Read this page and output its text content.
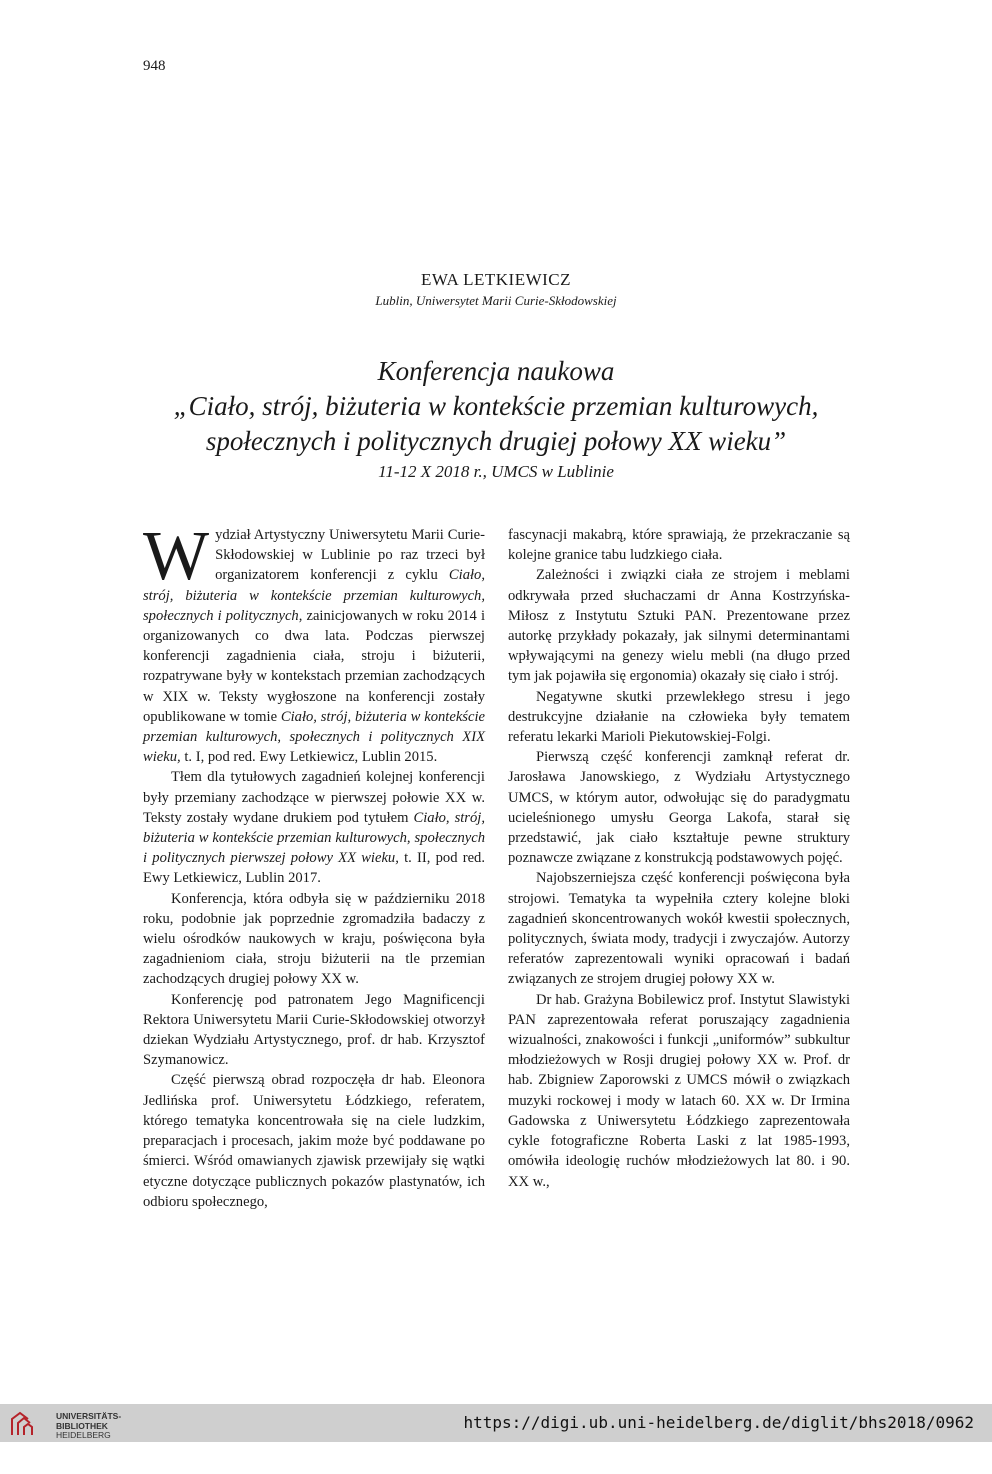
948
EWA LETKIEWICZ
Lublin, Uniwersytet Marii Curie-Skłodowskiej
Konferencja naukowa
„Ciało, strój, biżuteria w kontekście przemian kulturowych,
społecznych i politycznych drugiej połowy XX wieku”
11-12 X 2018 r., UMCS w Lublinie

Wydział Artystyczny Uniwersytetu Marii Curie-Skłodowskiej w Lublinie po raz trzeci był organizatorem konferencji z cyklu Ciało, strój, biżuteria w kontekście przemian kulturowych, społecznych i politycznych, zainicjowanych w roku 2014 i organizowanych co dwa lata. Podczas pierwszej konferencji zagadnienia ciała, stroju i biżuterii, rozpatrywane były w kontekstach przemian zachodzących w XIX w. Teksty wygłoszone na konferencji zostały opublikowane w tomie Ciało, strój, biżuteria w kontekście przemian kulturowych, społecznych i politycznych XIX wieku, t. I, pod red. Ewy Letkiewicz, Lublin 2015.

Tłem dla tytułowych zagadnień kolejnej konferencji były przemiany zachodzące w pierwszej połowie XX w. Teksty zostały wydane drukiem pod tytułem Ciało, strój, biżuteria w kontekście przemian kulturowych, społecznych i politycznych pierwszej połowy XX wieku, t. II, pod red. Ewy Letkiewicz, Lublin 2017.

Konferencja, która odbyła się w październiku 2018 roku, podobnie jak poprzednie zgromadziła badaczy z wielu ośrodków naukowych w kraju, poświęcona była zagadnieniom ciała, stroju biżuterii na tle przemian zachodzących drugiej połowy XX w.

Konferencję pod patronatem Jego Magnificencji Rektora Uniwersytetu Marii Curie-Skłodowskiej otworzył dziekan Wydziału Artystycznego, prof. dr hab. Krzysztof Szymanowicz.

Część pierwszą obrad rozpoczęła dr hab. Eleonora Jedlińska prof. Uniwersytetu Łódzkiego, referatem, którego tematyka koncentrowała się na ciele ludzkim, preparacjach i procesach, jakim może być poddawane po śmierci. Wśród omawianych zjawisk przewijały się wątki etyczne dotyczące publicznych pokazów plastynatów, ich odbioru społecznego,

fascynacji makabrą, które sprawiają, że przekraczanie są kolejne granice tabu ludzkiego ciała.

Zależności i związki ciała ze strojem i meblami odkrywała przed słuchaczami dr Anna Kostrzyńska-Miłosz z Instytutu Sztuki PAN. Prezentowane przez autorkę przykłady pokazały, jak silnymi determinantami wpływającymi na genezy wielu mebli (na długo przed tym jak pojawiła się ergonomia) okazały się ciało i strój.

Negatywne skutki przewlekłego stresu i jego destrukcyjne działanie na człowieka były tematem referatu lekarki Marioli Piekutowskiej-Folgi.

Pierwszą część konferencji zamknął referat dr. Jarosława Janowskiego, z Wydziału Artystycznego UMCS, w którym autor, odwołując się do paradygmatu ucieleśnionego umysłu Georga Lakofa, starał się przedstawić, jak ciało kształtuje pewne struktury poznawcze związane z konstrukcją podstawowych pojęć.

Najobszerniejsza część konferencji poświęcona była strojowi. Tematyka ta wypełniła cztery kolejne bloki zagadnień skoncentrowanych wokół kwestii społecznych, politycznych, świata mody, tradycji i zwyczajów. Autorzy referatów zaprezentowali wyniki opracowań i badań związanych ze strojem drugiej połowy XX w.

Dr hab. Grażyna Bobilewicz prof. Instytut Slawistyki PAN zaprezentowała referat poruszający zagadnienia wizualności, znakowości i funkcji „uniformów” subkultur młodzieżowych w Rosji drugiej połowy XX w. Prof. dr hab. Zbigniew Zaporowski z UMCS mówił o związkach muzyki rockowej i mody w latach 60. XX w. Dr Irmina Gadowska z Uniwersytetu Łódzkiego zaprezentowała cykle fotograficzne Roberta Laski z lat 1985-1993, omówiła ideologię ruchów młodzieżowych lat 80. i 90. XX w.,

UNIVERSITÄTS-
BIBLIOTHEK
HEIDELBERG
https://digi.ub.uni-heidelberg.de/diglit/bhs2018/0962
